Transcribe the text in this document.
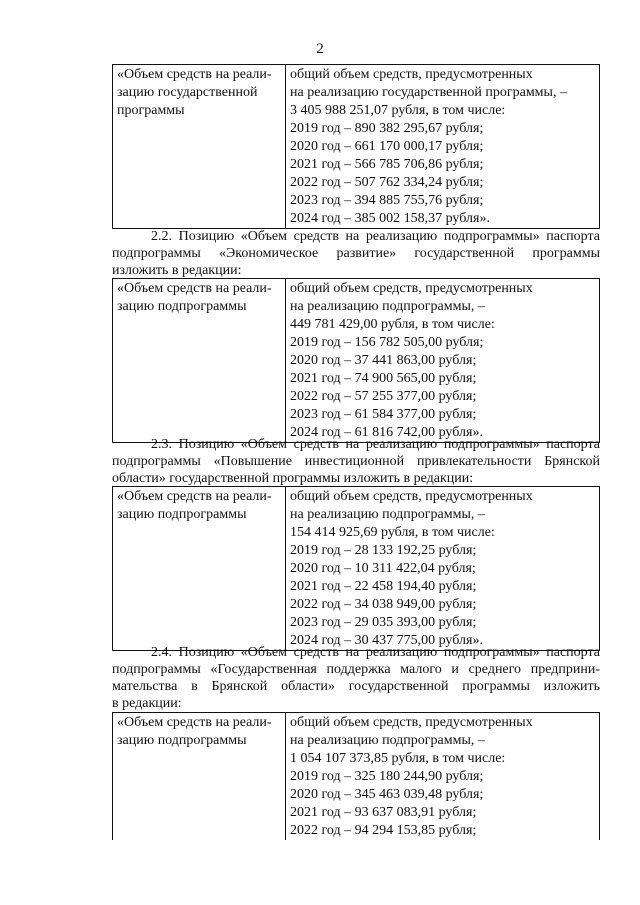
2
«Объем средств на реали-
зацию государственной
программы

общий объем средств, предусмотренных
на реализацию государственной программы, –
3 405 988 251,07 рубля, в том числе:
2019 год – 890 382 295,67 рубля;
2020 год – 661 170 000,17 рубля;
2021 год – 566 785 706,86 рубля;
2022 год – 507 762 334,24 рубля;
2023 год – 394 885 755,76 рубля;
2024 год – 385 002 158,37 рубля».
2.2. Позицию «Объем средств на реализацию подпрограммы» паспорта
подпрограммы «Экономическое развитие» государственной программы
изложить в редакции:
«Объем средств на реали-
зацию подпрограммы

общий объем средств, предусмотренных
на реализацию подпрограммы, –
449 781 429,00 рубля, в том числе:
2019 год – 156 782 505,00 рубля;
2020 год – 37 441 863,00 рубля;
2021 год – 74 900 565,00 рубля;
2022 год – 57 255 377,00 рубля;
2023 год – 61 584 377,00 рубля;
2024 год – 61 816 742,00 рубля».
2.3. Позицию «Объем средств на реализацию подпрограммы» паспорта
подпрограммы «Повышение инвестиционной привлекательности Брянской
области» государственной программы изложить в редакции:
«Объем средств на реали-
зацию подпрограммы

общий объем средств, предусмотренных
на реализацию подпрограммы, –
154 414 925,69 рубля, в том числе:
2019 год – 28 133 192,25 рубля;
2020 год – 10 311 422,04 рубля;
2021 год – 22 458 194,40 рубля;
2022 год – 34 038 949,00 рубля;
2023 год – 29 035 393,00 рубля;
2024 год – 30 437 775,00 рубля».
2.4. Позицию «Объем средств на реализацию подпрограммы» паспорта
подпрограммы «Государственная поддержка малого и среднего предприни-
мательства в Брянской области» государственной программы изложить
в редакции:
«Объем средств на реали-
зацию подпрограммы

общий объем средств, предусмотренных
на реализацию подпрограммы, –
1 054 107 373,85 рубля, в том числе:
2019 год – 325 180 244,90 рубля;
2020 год – 345 463 039,48 рубля;
2021 год – 93 637 083,91 рубля;
2022 год – 94 294 153,85 рубля;
